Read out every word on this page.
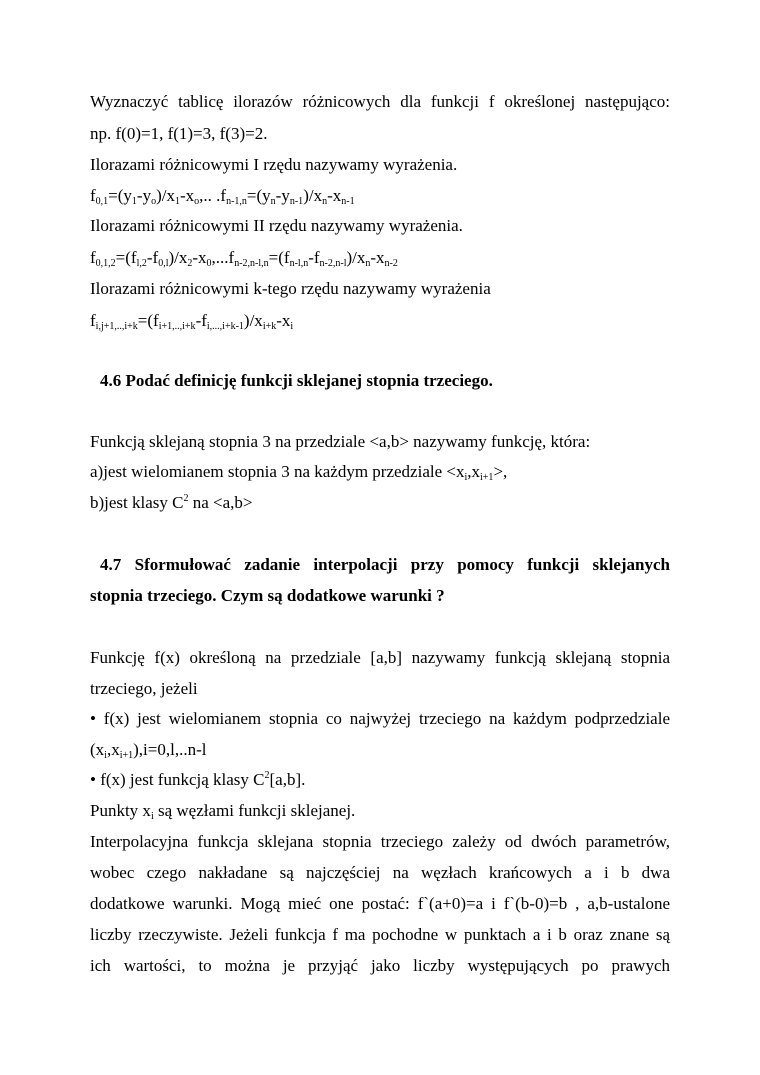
Wyznaczyć tablicę ilorazów różnicowych dla funkcji f określonej następująco:
np. f(0)=1, f(1)=3, f(3)=2.
Ilorazami różnicowymi I rzędu nazywamy wyrażenia.
$f_{0,1}=(y_1-y_o)/x_1-x_o$,.. $.f_{n-1,n}=(y_n-y_{n-1})/x_n-x_{n-1}$
Ilorazami różnicowymi II rzędu nazywamy wyrażenia.
$f_{0,1,2}=(f_{l,2}-f_{0,l})/x_2-x_0,...f_{n-2,n-l,n}=(f_{n-l,n}-f_{n-2,n-l})/x_n-x_{n-2}$
Ilorazami różnicowymi k-tego rzędu nazywamy wyrażenia
$f_{i,j+1,..,i+k}=(f_{i+1,..,i+k}-f_{i,...,i+k-1})/x_{i+k}-x_i$
4.6 Podać definicję funkcji sklejanej stopnia trzeciego.
Funkcją sklejaną stopnia 3 na przedziale <a,b> nazywamy funkcję, która:
a)jest wielomianem stopnia 3 na każdym przedziale $<x_i,x_{i+1}>$,
b)jest klasy $C^2$ na <a,b>
4.7 Sformułować zadanie interpolacji przy pomocy funkcji sklejanych
stopnia trzeciego. Czym są dodatkowe warunki ?
Funkcję f(x) określoną na przedziale [a,b] nazywamy funkcją sklejaną stopnia
trzeciego, jeżeli
• f(x) jest wielomianem stopnia co najwyżej trzeciego na każdym podprzedziale
$(x_i,x_{i+1}),i=0,l,..n-l$
• f(x) jest funkcją klasy $C^2[a,b]$.
Punkty $x_i$ są węzłami funkcji sklejanej.
Interpolacyjna funkcja sklejana stopnia trzeciego zależy od dwóch parametrów,
wobec czego nakładane są najczęściej na węzłach krańcowych a i b dwa
dodatkowe warunki. Mogą mieć one postać: f`(a+0)=a i f`(b-0)=b , a,b-ustalone
liczby rzeczywiste. Jeżeli funkcja f ma pochodne w punktach a i b oraz znane są
ich wartości, to można je przyjąć jako liczby występujących po prawych
